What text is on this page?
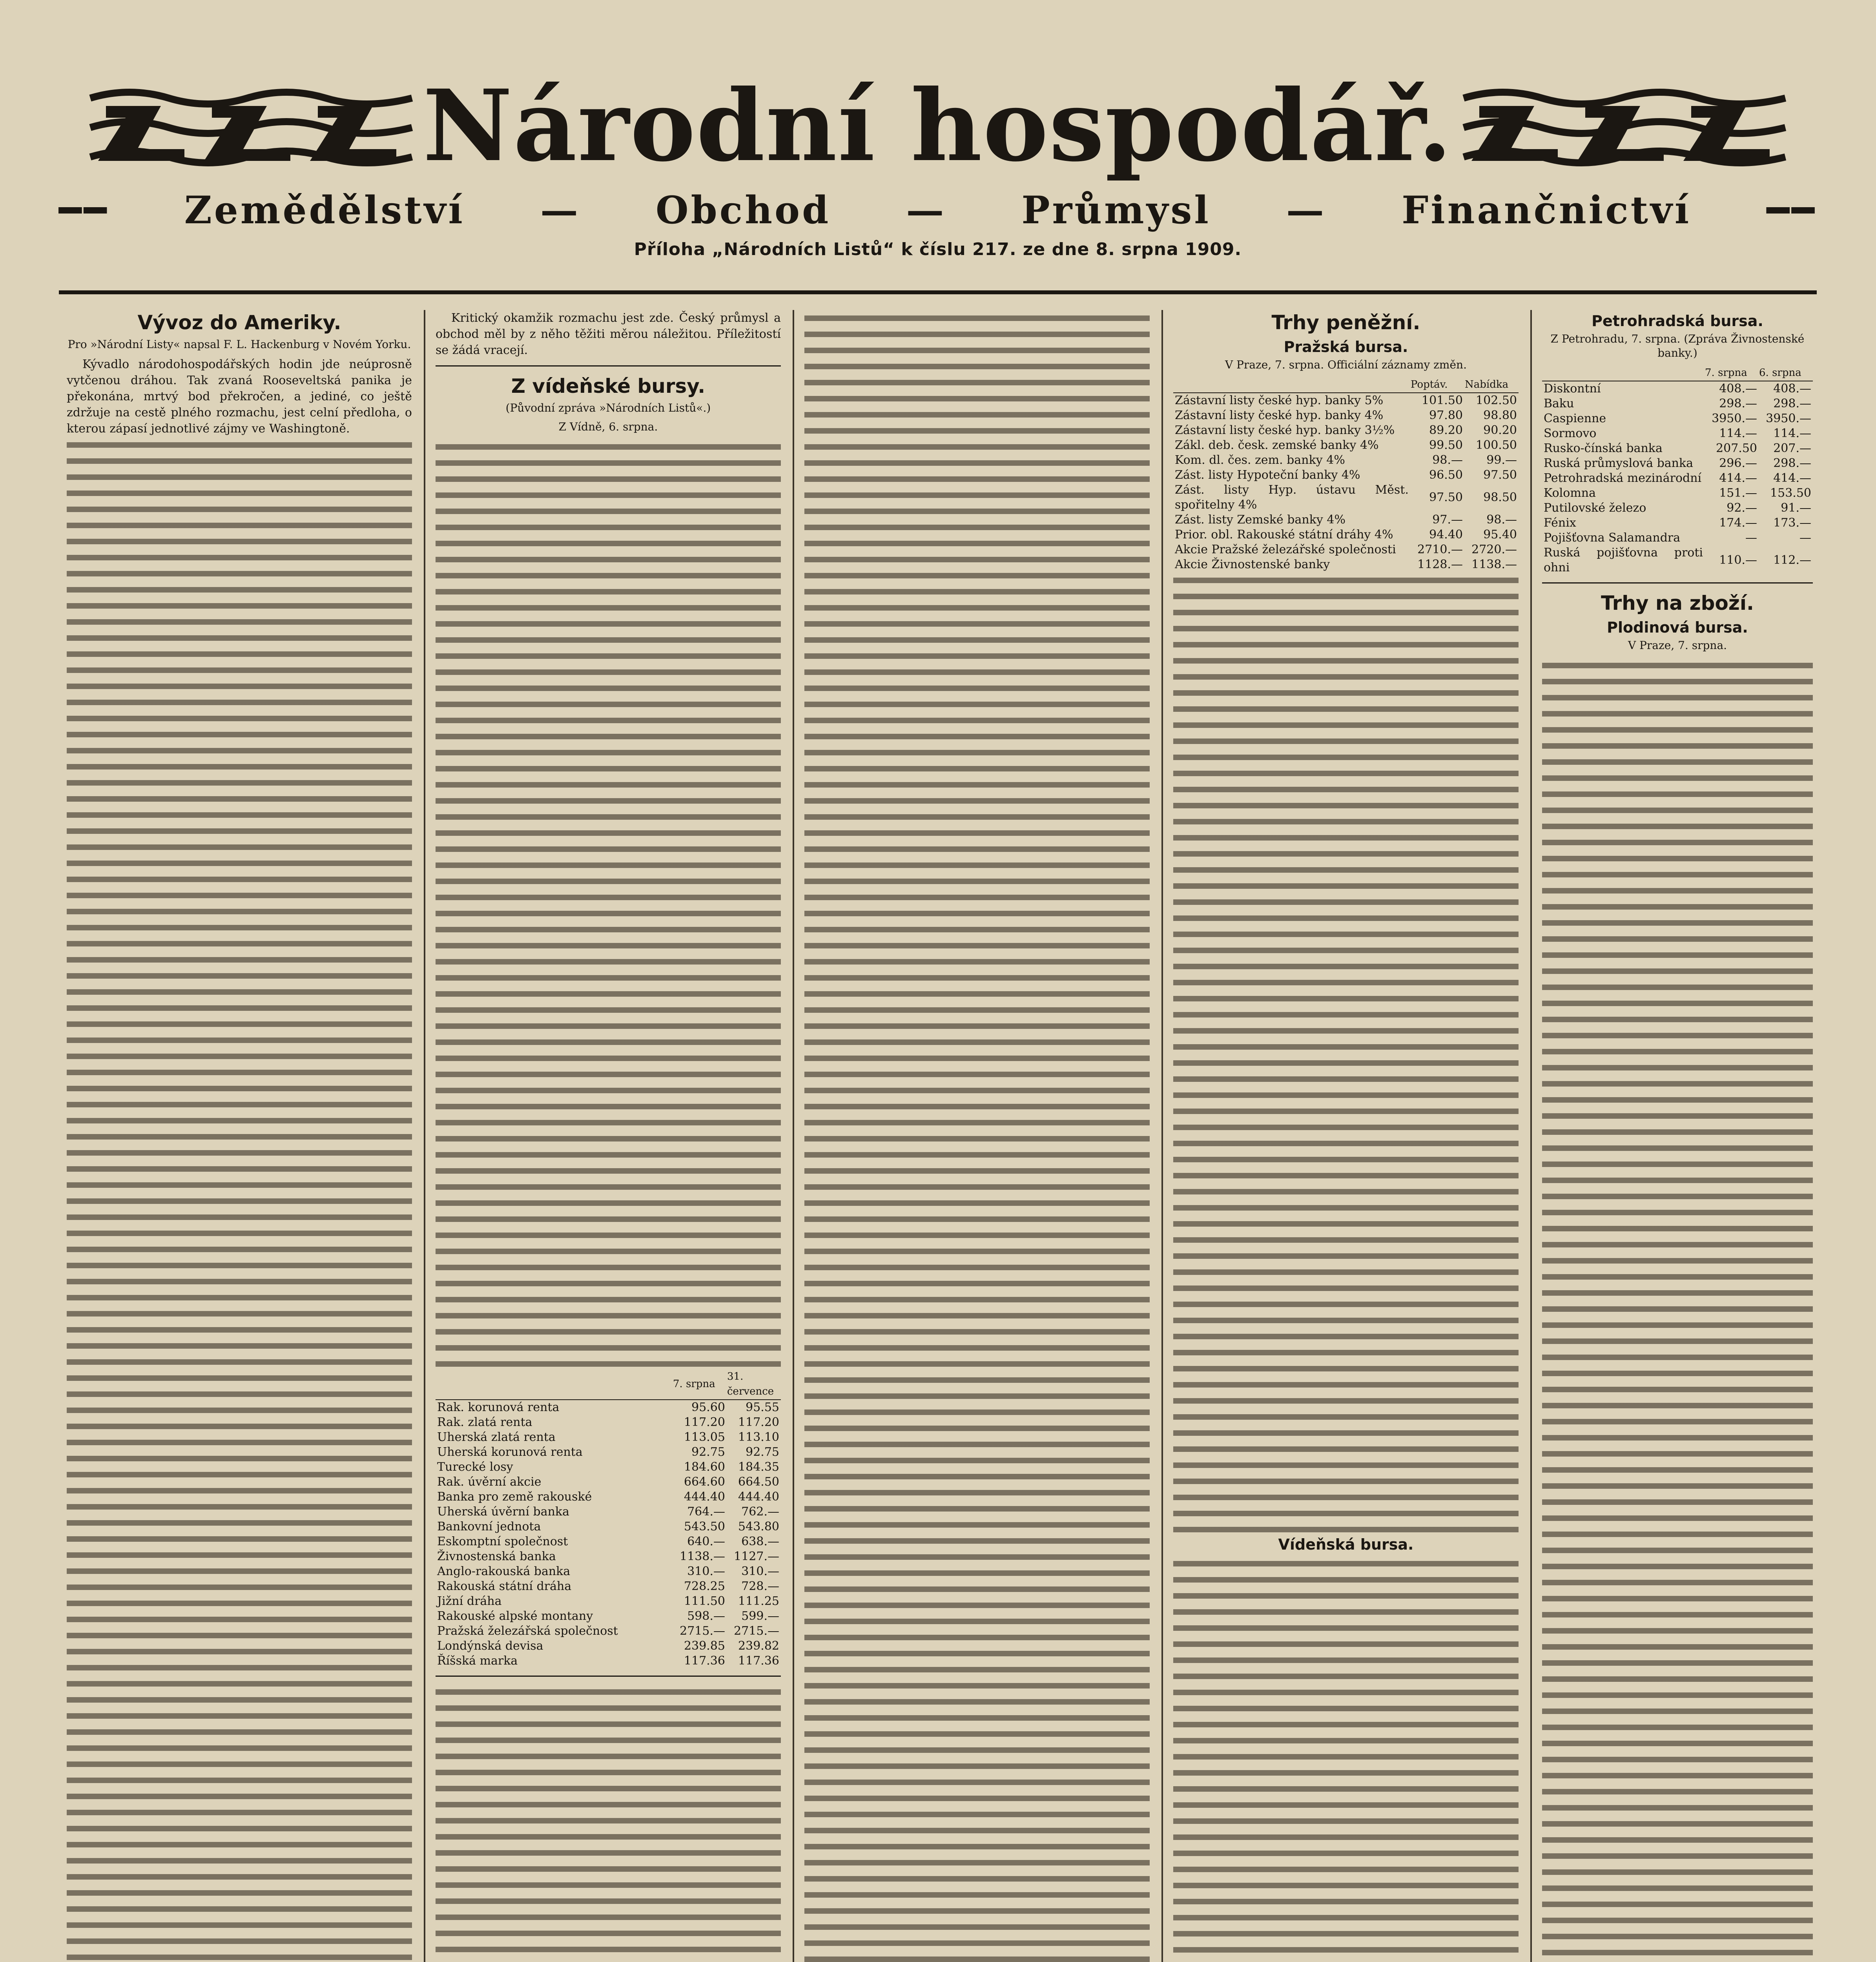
Národní hospodář.
━━ Zemědělství — Obchod — Průmysl — Finančnictví ━━
Příloha „Národních Listů“ k číslu 217. ze dne 8. srpna 1909.
Vývoz do Ameriky.
Pro »Národní Listy« napsal F. L. Hackenburg v Novém Yorku.

Kývadlo národohospodářských hodin jde neúprosně vytčenou dráhou. Tak zvaná Rooseveltská panika je překonána, mrtvý bod překročen, a jediné, co ještě zdržuje na cestě plného rozmachu, jest celní předloha, o kterou zápasí jednotlivé zájmy ve Washingtoně.

Kritický okamžik rozmachu jest zde. Český průmysl a obchod měl by z něho těžiti měrou náležitou. Příležitostí se žádá vracejí.

Z vídeňské bursy.
(Původní zpráva »Národních Listů«.)
Z Vídně, 6. srpna.
	7. srpna	31. července
Rak. korunová renta	95.60	95.55
Rak. zlatá renta	117.20	117.20
Uherská zlatá renta	113.05	113.10
Uherská korunová renta	92.75	92.75
Turecké losy	184.60	184.35
Rak. úvěrní akcie	664.60	664.50
Banka pro země rakouské	444.40	444.40
Uherská úvěrní banka	764.—	762.—
Bankovní jednota	543.50	543.80
Eskomptní společnost	640.—	638.—
Živnostenská banka	1138.—	1127.—
Anglo-rakouská banka	310.—	310.—
Rakouská státní dráha	728.25	728.—
Jižní dráha	111.50	111.25
Rakouské alpské montany	598.—	599.—
Pražská železářská společnost	2715.—	2715.—
Londýnská devisa	239.85	239.82
Říšská marka	117.36	117.36
Trhy peněžní.
Pražská bursa.
V Praze, 7. srpna. Officiální záznamy změn.
	Poptáv.	Nabídka
Zástavní listy české hyp. banky 5%	101.50	102.50
Zástavní listy české hyp. banky 4%	97.80	98.80
Zástavní listy české hyp. banky 3½%	89.20	90.20
Zákl. deb. česk. zemské banky 4%	99.50	100.50
Kom. dl. čes. zem. banky 4%	98.—	99.—
Zást. listy Hypoteční banky 4%	96.50	97.50
Zást. listy Hyp. ústavu Měst. spořitelny 4%	97.50	98.50
Zást. listy Zemské banky 4%	97.—	98.—
Prior. obl. Rakouské státní dráhy 4%	94.40	95.40
Akcie Pražské železářské společnosti	2710.—	2720.—
Akcie Živnostenské banky	1128.—	1138.—
Vídeňská bursa.
Petrohradská bursa.
Z Petrohradu, 7. srpna. (Zpráva Živnostenské banky.)
	7. srpna	6. srpna
Diskontní	408.—	408.—
Baku	298.—	298.—
Caspienne	3950.—	3950.—
Sormovo	114.—	114.—
Rusko-čínská banka	207.50	207.—
Ruská průmyslová banka	296.—	298.—
Petrohradská mezinárodní	414.—	414.—
Kolomna	151.—	153.50
Putilovské železo	92.—	91.—
Fénix	174.—	173.—
Pojišťovna Salamandra	—	—
Ruská pojišťovna proti ohni	110.—	112.—
Trhy na zboží.
Plodinová bursa.
V Praze, 7. srpna.
